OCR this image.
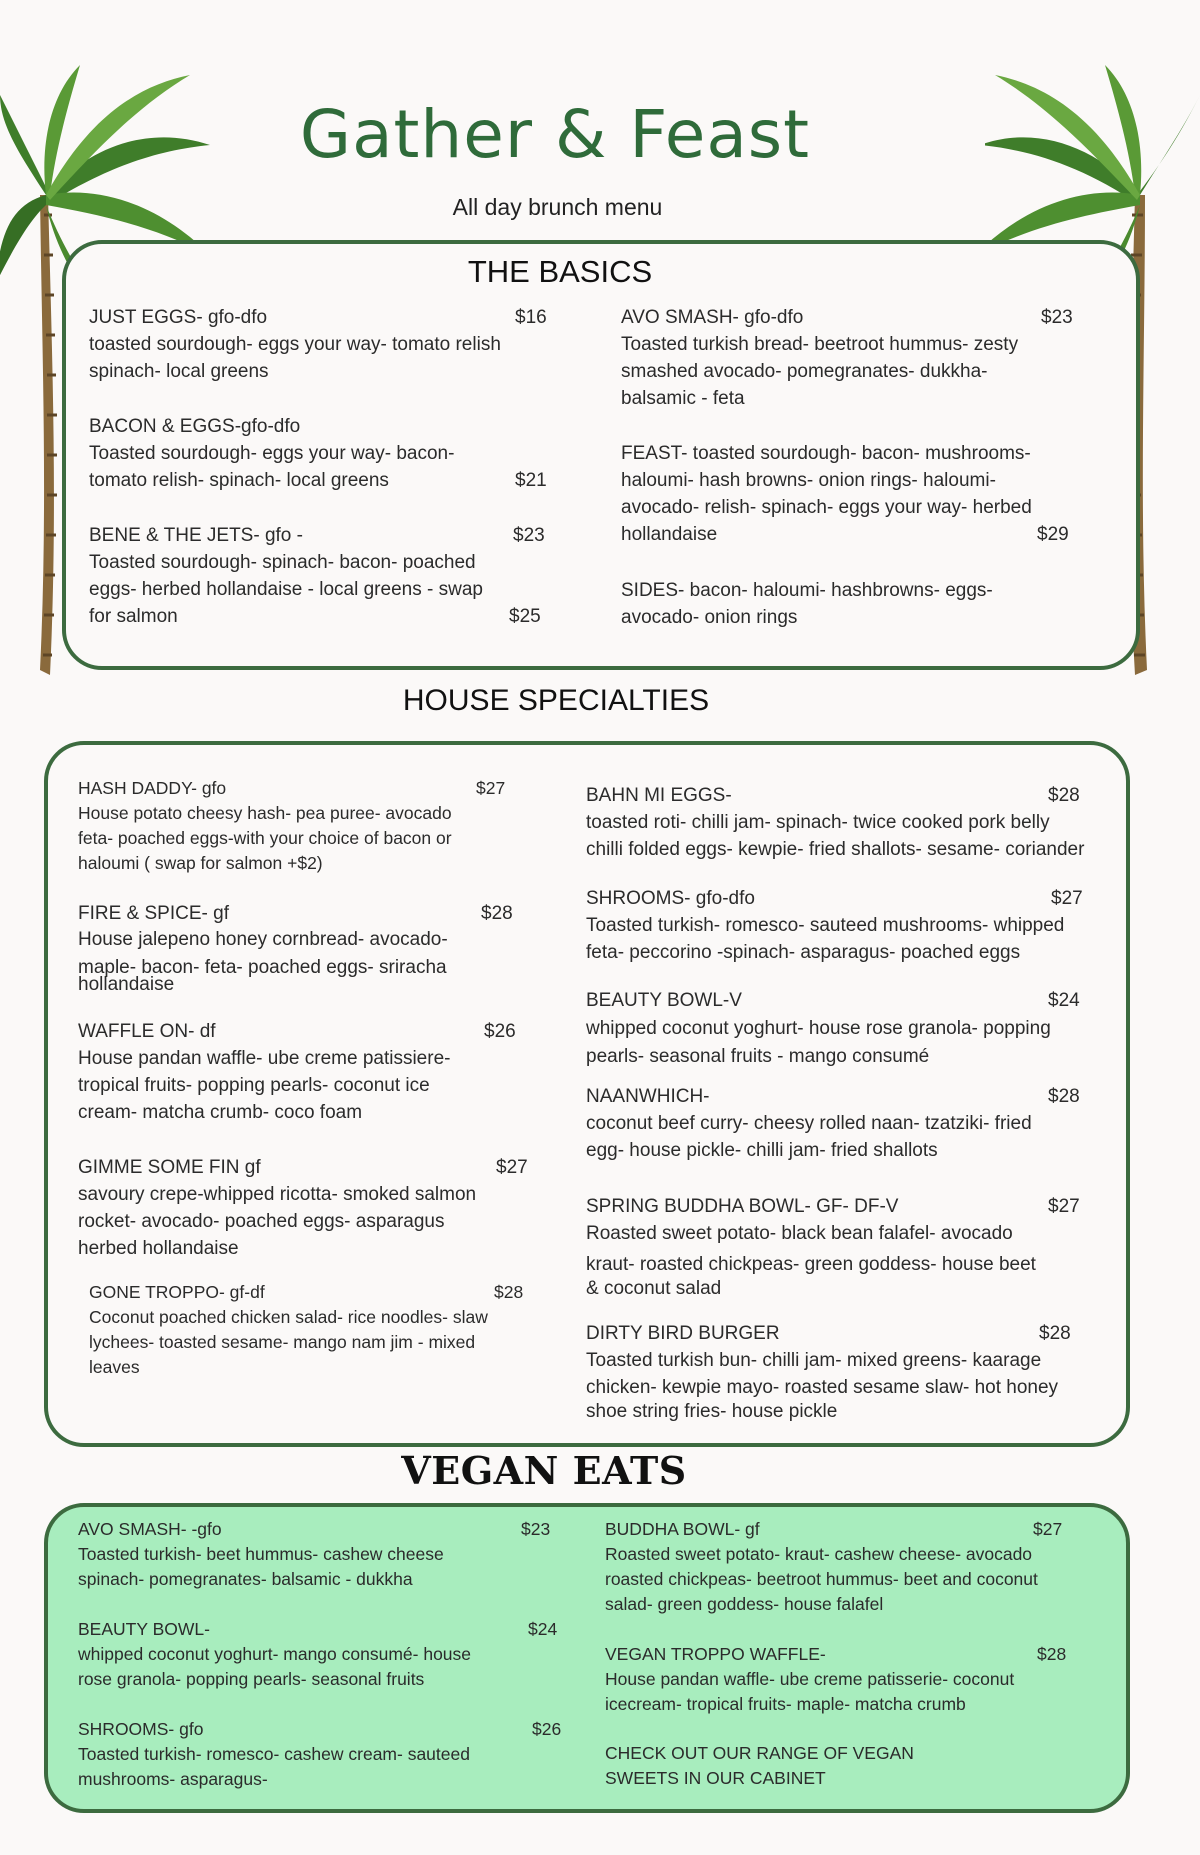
Gather & Feast
All day brunch menu
THE BASICS
JUST EGGS- gfo-dfo	$16
toasted sourdough- eggs your way- tomato relish
spinach- local greens
BACON & EGGS-gfo-dfo
Toasted sourdough- eggs your way- bacon-
tomato relish- spinach- local greens	$21
BENE & THE JETS- gfo -	$23
Toasted sourdough- spinach- bacon- poached
eggs- herbed hollandaise - local greens - swap
for salmon	$25
AVO SMASH- gfo-dfo	$23
Toasted turkish bread- beetroot hummus- zesty
smashed avocado- pomegranates- dukkha-
balsamic - feta
FEAST- toasted sourdough- bacon- mushrooms-
haloumi- hash browns- onion rings- haloumi-
avocado- relish- spinach- eggs your way- herbed
hollandaise	$29
SIDES- bacon- haloumi- hashbrowns- eggs-
avocado- onion rings
HOUSE SPECIALTIES
HASH DADDY- gfo	$27
House potato cheesy hash- pea puree- avocado
feta- poached eggs-with your choice of bacon or
haloumi ( swap for salmon +$2)
FIRE & SPICE- gf	$28
House jalepeno honey cornbread- avocado-
maple- bacon- feta- poached eggs- sriracha
hollandaise
WAFFLE ON- df	$26
House pandan waffle- ube creme patissiere-
tropical fruits- popping pearls- coconut ice
cream- matcha crumb- coco foam
GIMME SOME FIN gf	$27
savoury crepe-whipped ricotta- smoked salmon
rocket- avocado- poached eggs- asparagus
herbed hollandaise
GONE TROPPO- gf-df	$28
Coconut poached chicken salad- rice noodles- slaw
lychees- toasted sesame- mango nam jim - mixed
leaves
BAHN MI EGGS-	$28
toasted roti- chilli jam- spinach- twice cooked pork belly
chilli folded eggs- kewpie- fried shallots- sesame- coriander
SHROOMS- gfo-dfo	$27
Toasted turkish- romesco- sauteed mushrooms- whipped
feta- peccorino -spinach- asparagus- poached eggs
BEAUTY BOWL-V	$24
whipped coconut yoghurt- house rose granola- popping
pearls- seasonal fruits - mango consumé
NAANWHICH-	$28
coconut beef curry- cheesy rolled naan- tzatziki- fried
egg- house pickle- chilli jam- fried shallots
SPRING BUDDHA BOWL- GF- DF-V	$27
Roasted sweet potato- black bean falafel- avocado
kraut- roasted chickpeas- green goddess- house beet
& coconut salad
DIRTY BIRD BURGER	$28
Toasted turkish bun- chilli jam- mixed greens- kaarage
chicken- kewpie mayo- roasted sesame slaw- hot honey
shoe string fries- house pickle
VEGAN EATS
AVO SMASH- -gfo	$23
Toasted turkish- beet hummus- cashew cheese
spinach- pomegranates- balsamic - dukkha
BEAUTY BOWL-	$24
whipped coconut yoghurt- mango consumé- house
rose granola- popping pearls- seasonal fruits
SHROOMS- gfo	$26
Toasted turkish- romesco- cashew cream- sauteed
mushrooms- asparagus-
BUDDHA BOWL- gf	$27
Roasted sweet potato- kraut- cashew cheese- avocado
roasted chickpeas- beetroot hummus- beet and coconut
salad- green goddess- house falafel
VEGAN TROPPO WAFFLE-	$28
House pandan waffle- ube creme patisserie- coconut
icecream- tropical fruits- maple- matcha crumb
CHECK OUT OUR RANGE OF VEGAN
SWEETS IN OUR CABINET
